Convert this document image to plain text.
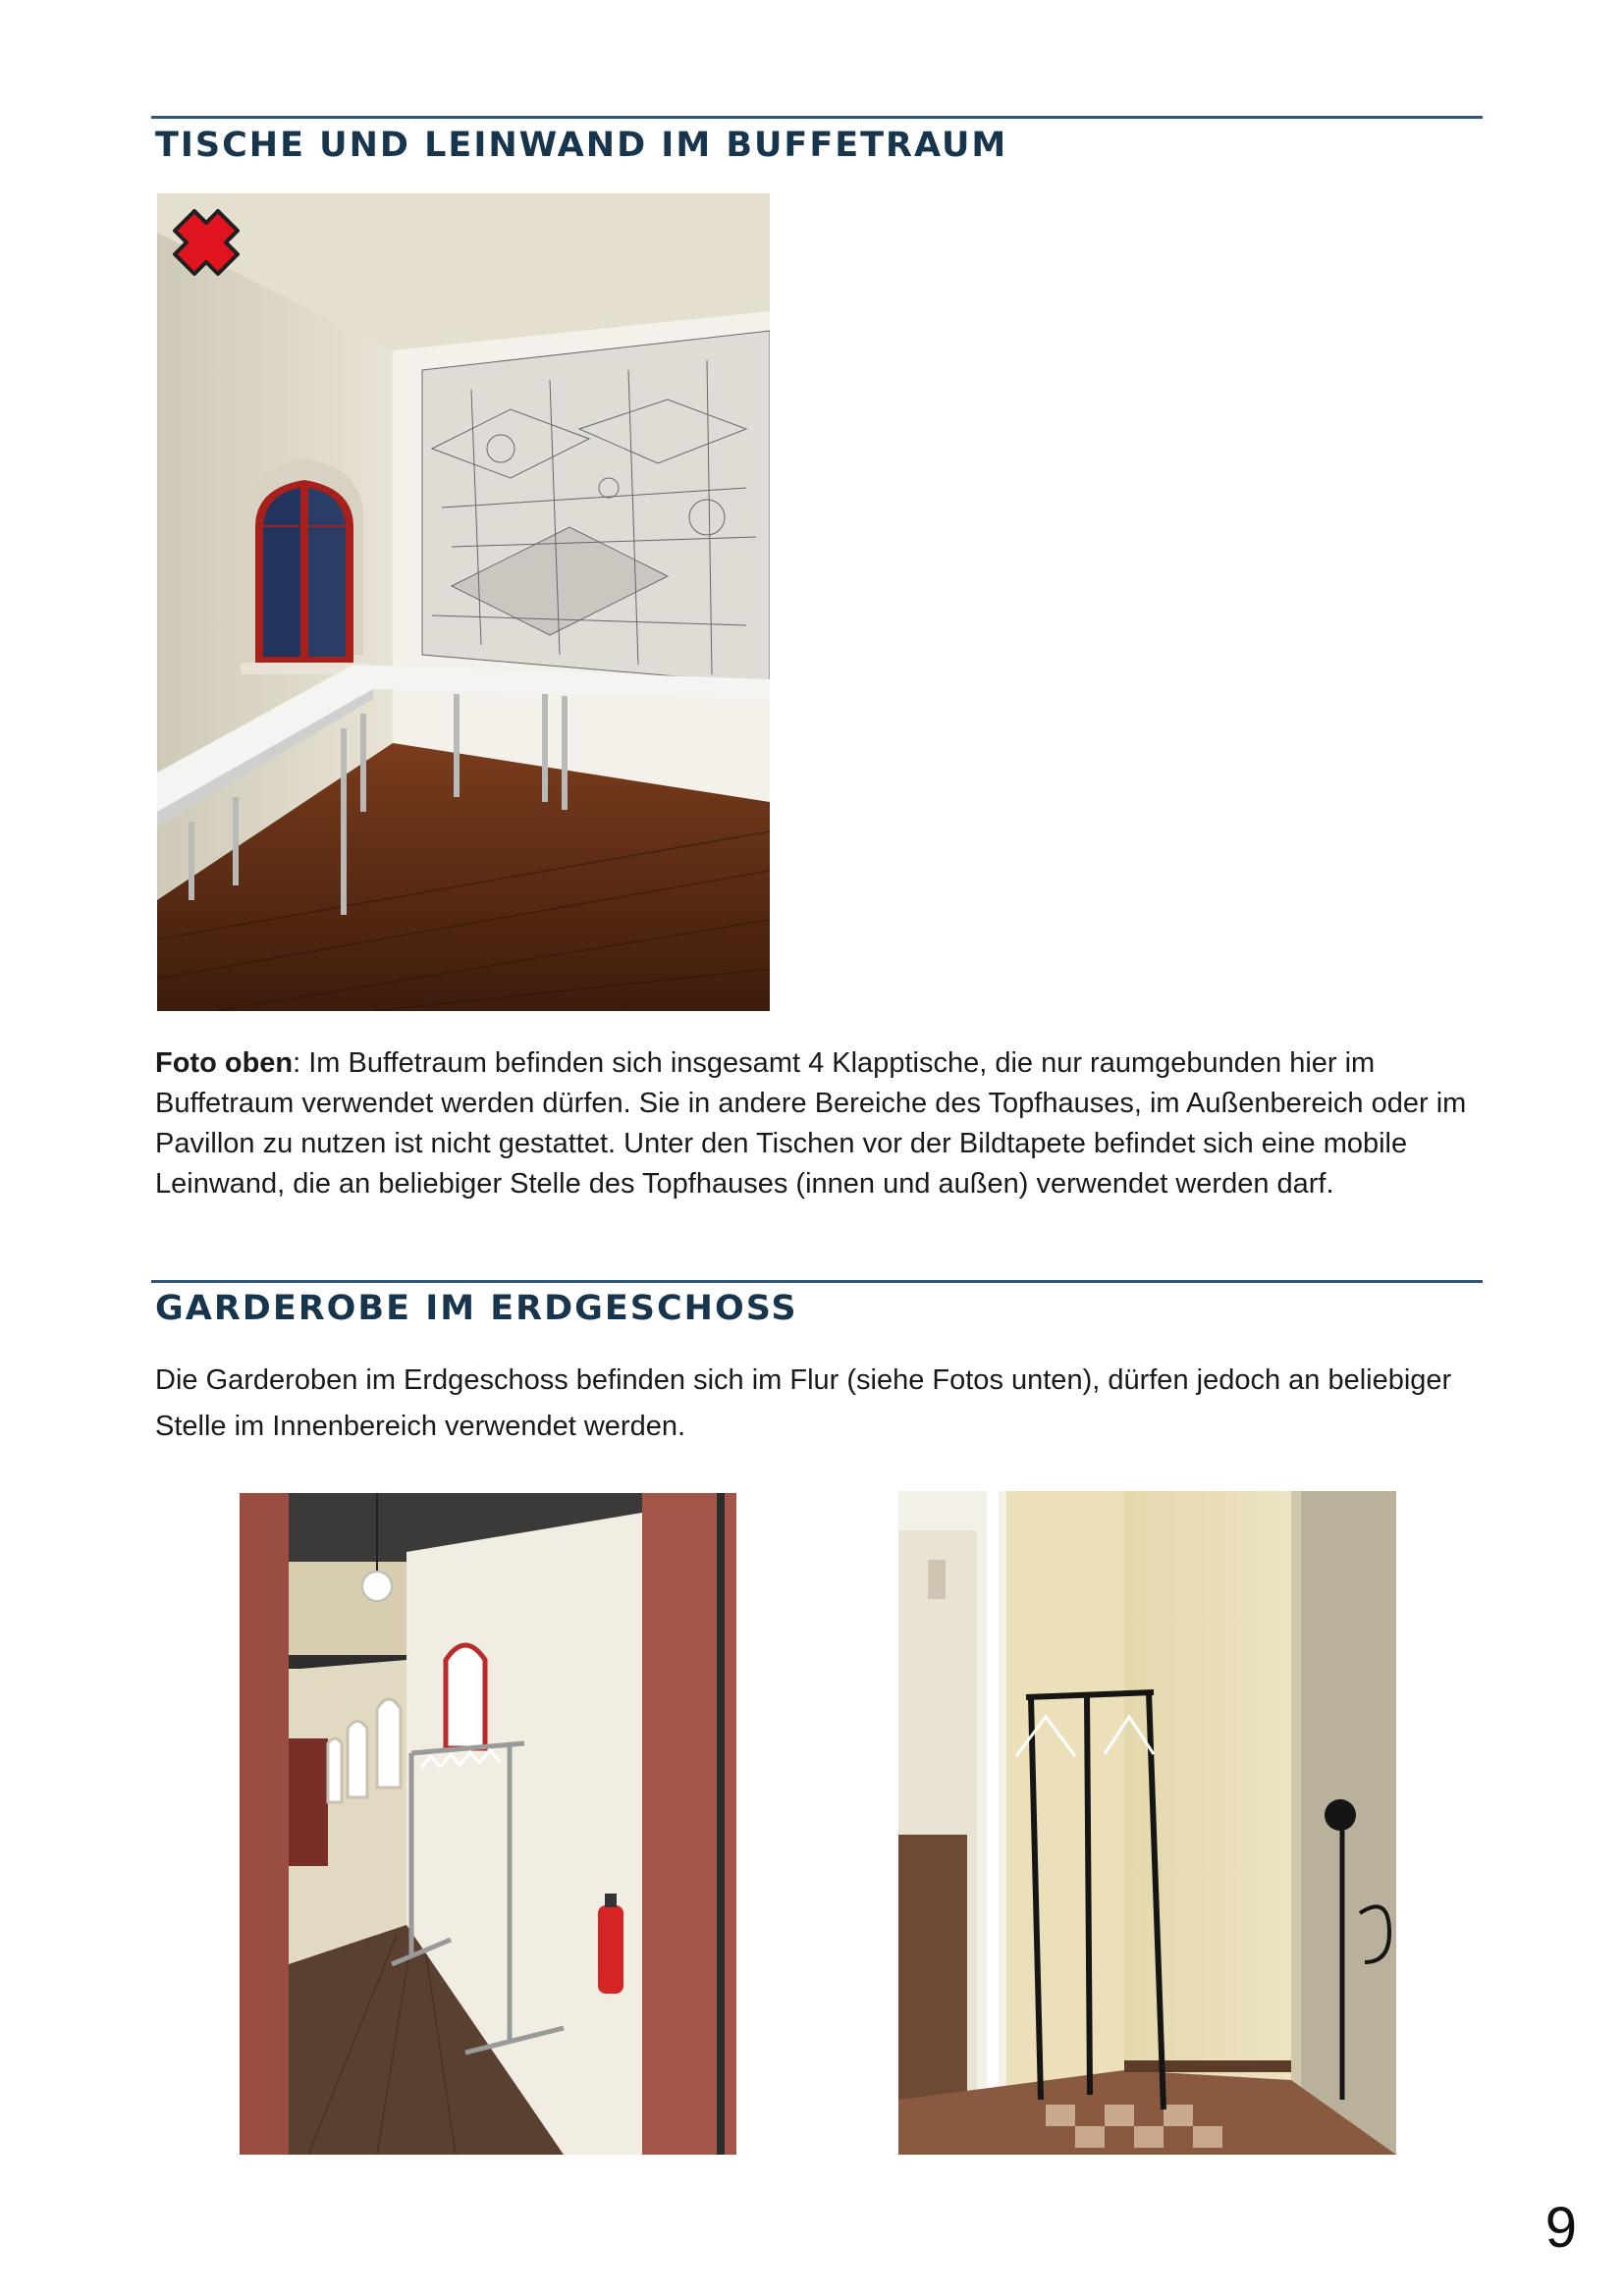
TISCHE UND LEINWAND IM BUFFETRAUM

Foto oben: Im Buffetraum befinden sich insgesamt 4 Klapptische, die nur raumgebunden hier im Buffetraum verwendet werden dürfen. Sie in andere Bereiche des Topfhauses, im Außenbereich oder im Pavillon zu nutzen ist nicht gestattet. Unter den Tischen vor der Bildtapete befindet sich eine mobile Leinwand, die an beliebiger Stelle des Topfhauses (innen und außen) verwendet werden darf.

GARDEROBE IM ERDGESCHOSS

Die Garderoben im Erdgeschoss befinden sich im Flur (siehe Fotos unten), dürfen jedoch an beliebiger Stelle im Innenbereich verwendet werden.

9
